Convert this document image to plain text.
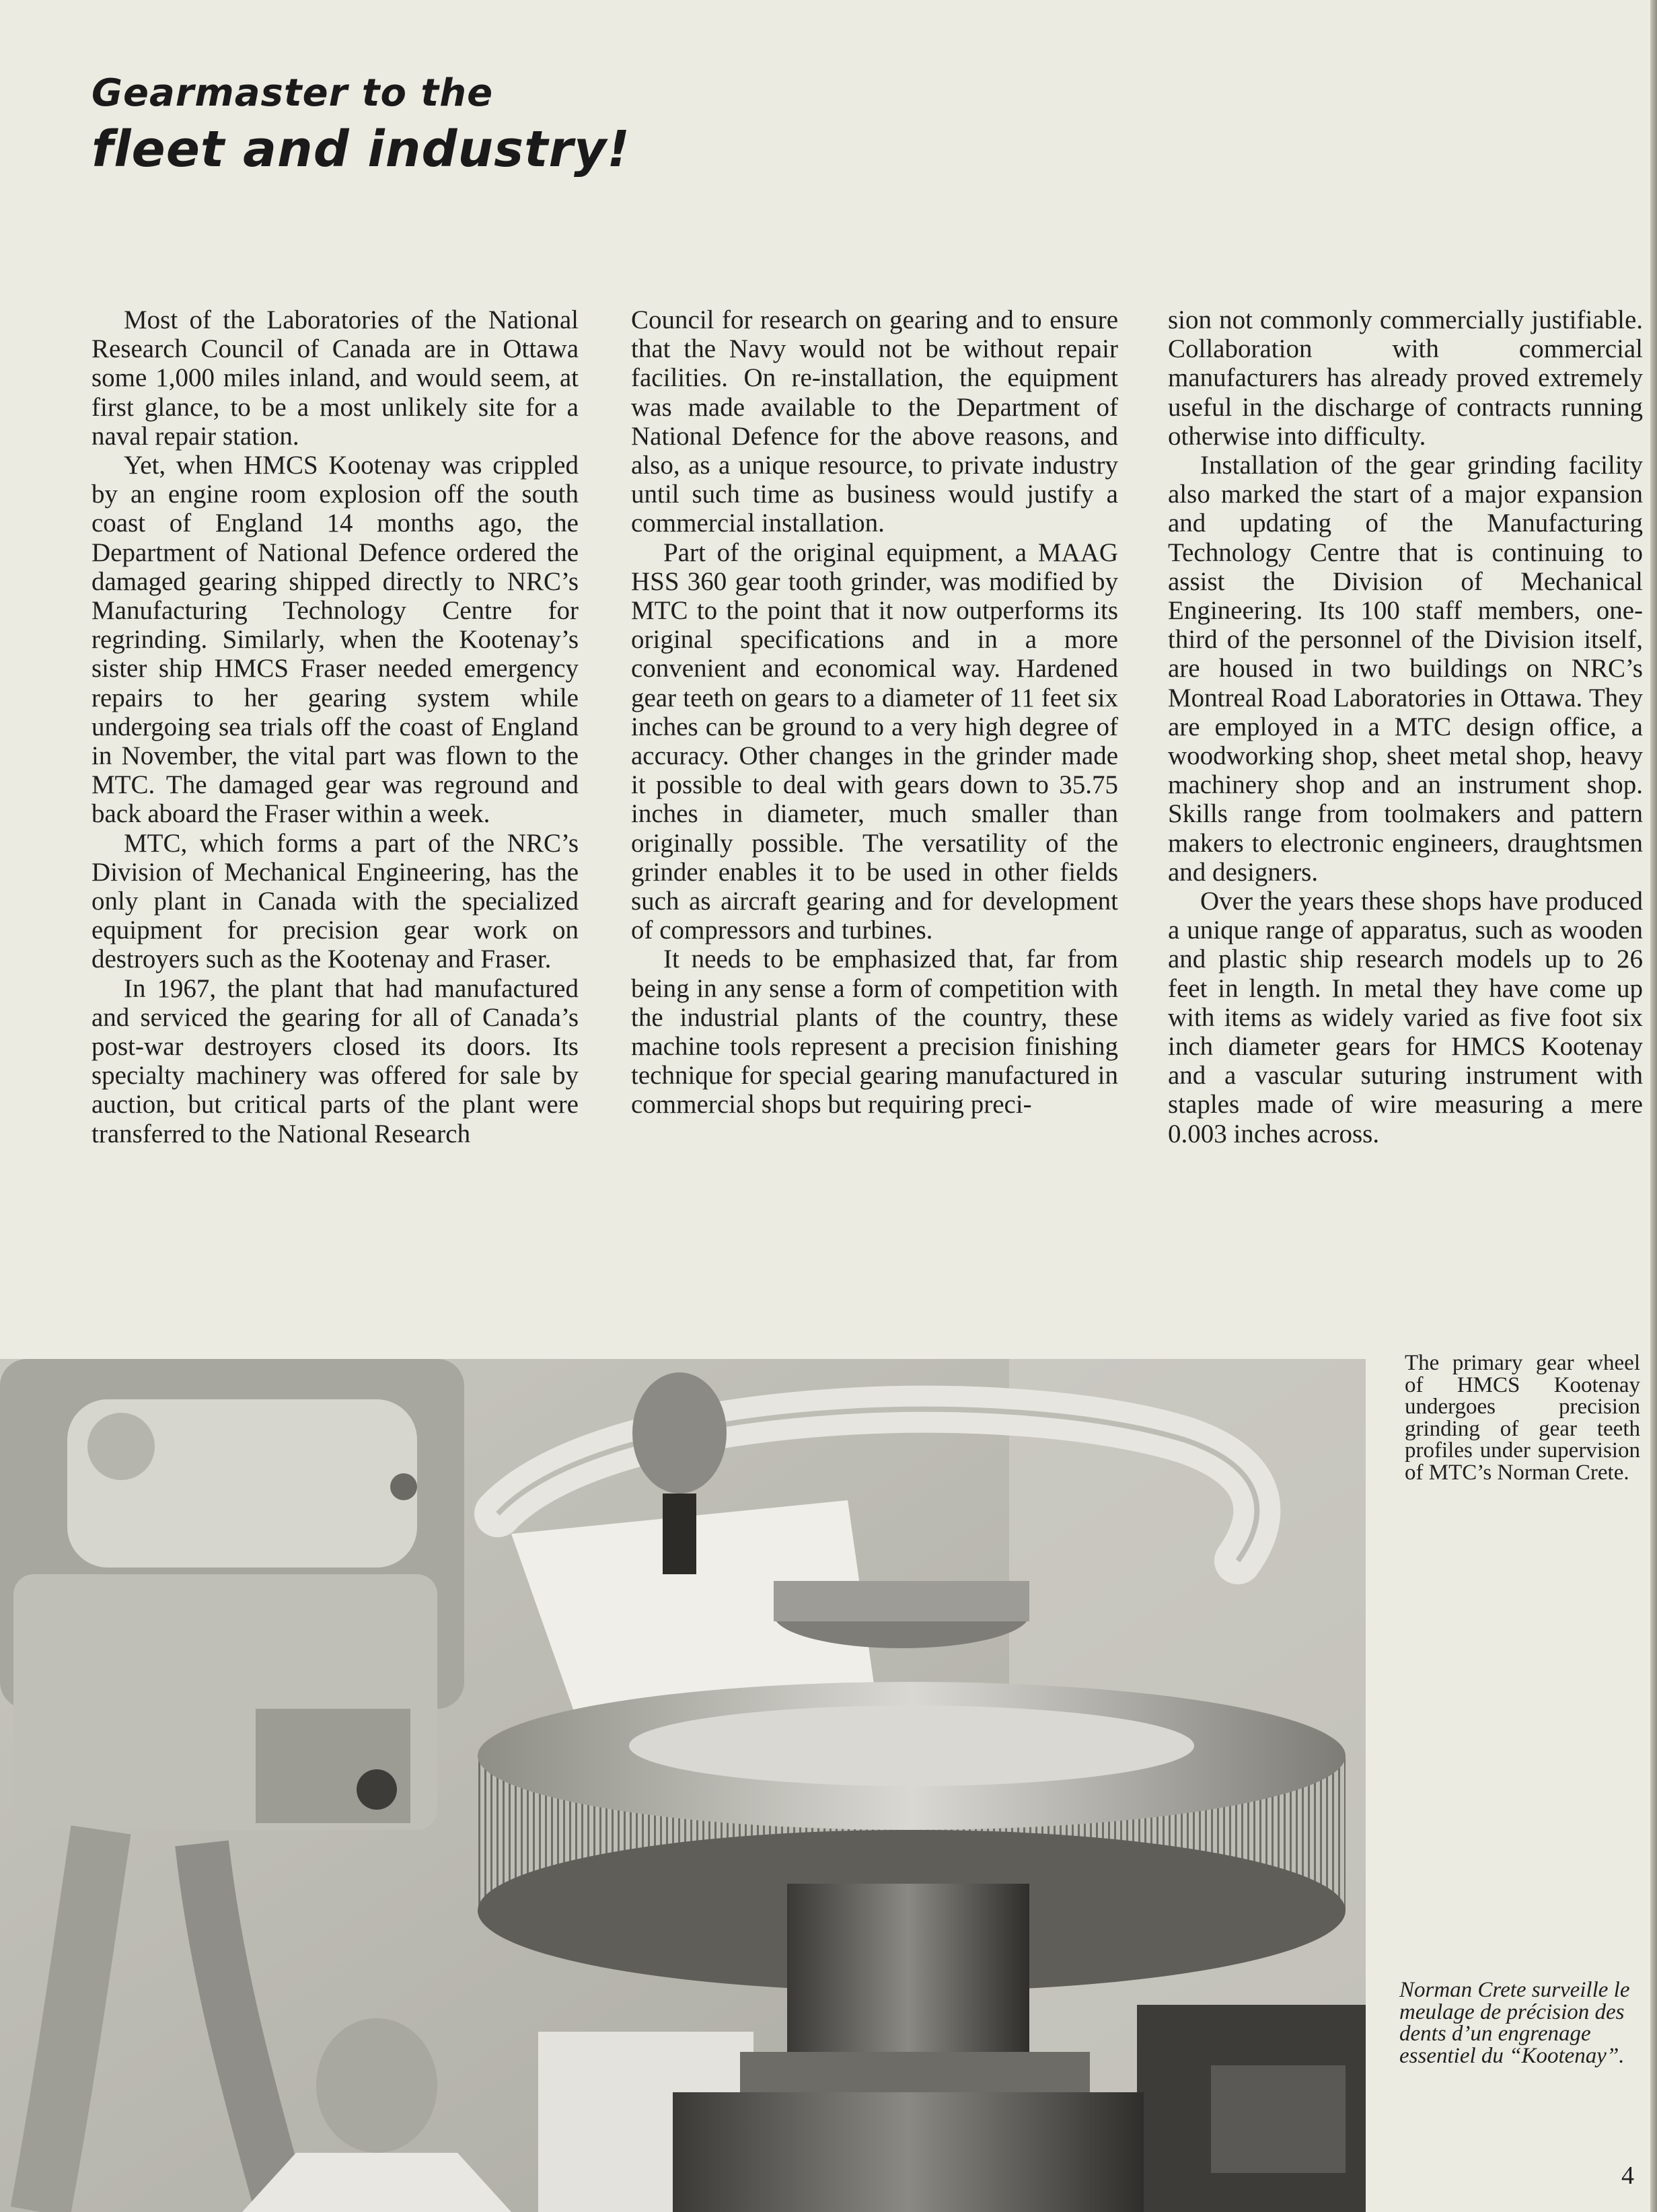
Gearmaster to the
fleet and industry!

Most of the Laboratories of the National Research Council of Canada are in Ottawa some 1,000 miles inland, and would seem, at first glance, to be a most unlikely site for a naval repair station.

Yet, when HMCS Kootenay was crippled by an engine room explosion off the south coast of England 14 months ago, the Department of National Defence ordered the damaged gearing shipped directly to NRC’s Manufacturing Technology Centre for regrinding. Similarly, when the Kootenay’s sister ship HMCS Fraser needed emergency repairs to her gearing system while undergoing sea trials off the coast of England in November, the vital part was flown to the MTC. The damaged gear was reground and back aboard the Fraser within a week.

MTC, which forms a part of the NRC’s Division of Mechanical Engineering, has the only plant in Canada with the specialized equipment for precision gear work on destroyers such as the Kootenay and Fraser.

In 1967, the plant that had manufactured and serviced the gearing for all of Canada’s post-war destroyers closed its doors. Its specialty machinery was offered for sale by auction, but critical parts of the plant were transferred to the National Research

Council for research on gearing and to ensure that the Navy would not be without repair facilities. On re-installation, the equipment was made available to the Department of National Defence for the above reasons, and also, as a unique resource, to private industry until such time as business would justify a commercial installation.

Part of the original equipment, a MAAG HSS 360 gear tooth grinder, was modified by MTC to the point that it now outperforms its original specifications and in a more convenient and economical way. Hardened gear teeth on gears to a diameter of 11 feet six inches can be ground to a very high degree of accuracy. Other changes in the grinder made it possible to deal with gears down to 35.75 inches in diameter, much smaller than originally possible. The versatility of the grinder enables it to be used in other fields such as aircraft gearing and for development of compressors and turbines.

It needs to be emphasized that, far from being in any sense a form of competition with the industrial plants of the country, these machine tools represent a precision finishing technique for special gearing manufactured in commercial shops but requiring preci-

sion not commonly commercially justifiable. Collaboration with commercial manufacturers has already proved extremely useful in the discharge of contracts running otherwise into difficulty.

Installation of the gear grinding facility also marked the start of a major expansion and updating of the Manufacturing Technology Centre that is continuing to assist the Division of Mechanical Engineering. Its 100 staff members, one-third of the personnel of the Division itself, are housed in two buildings on NRC’s Montreal Road Laboratories in Ottawa. They are employed in a MTC design office, a woodworking shop, sheet metal shop, heavy machinery shop and an instrument shop. Skills range from toolmakers and pattern makers to electronic engineers, draughtsmen and designers.

Over the years these shops have produced a unique range of apparatus, such as wooden and plastic ship research models up to 26 feet in length. In metal they have come up with items as widely varied as five foot six inch diameter gears for HMCS Kootenay and a vascular suturing instrument with staples made of wire measuring a mere 0.003 inches across.

The primary gear wheel of HMCS Kootenay undergoes precision grinding of gear teeth profiles under supervision of MTC’s Norman Crete.

Norman Crete surveille le meulage de précision des dents d’un engrenage essentiel du “Kootenay”.

4
